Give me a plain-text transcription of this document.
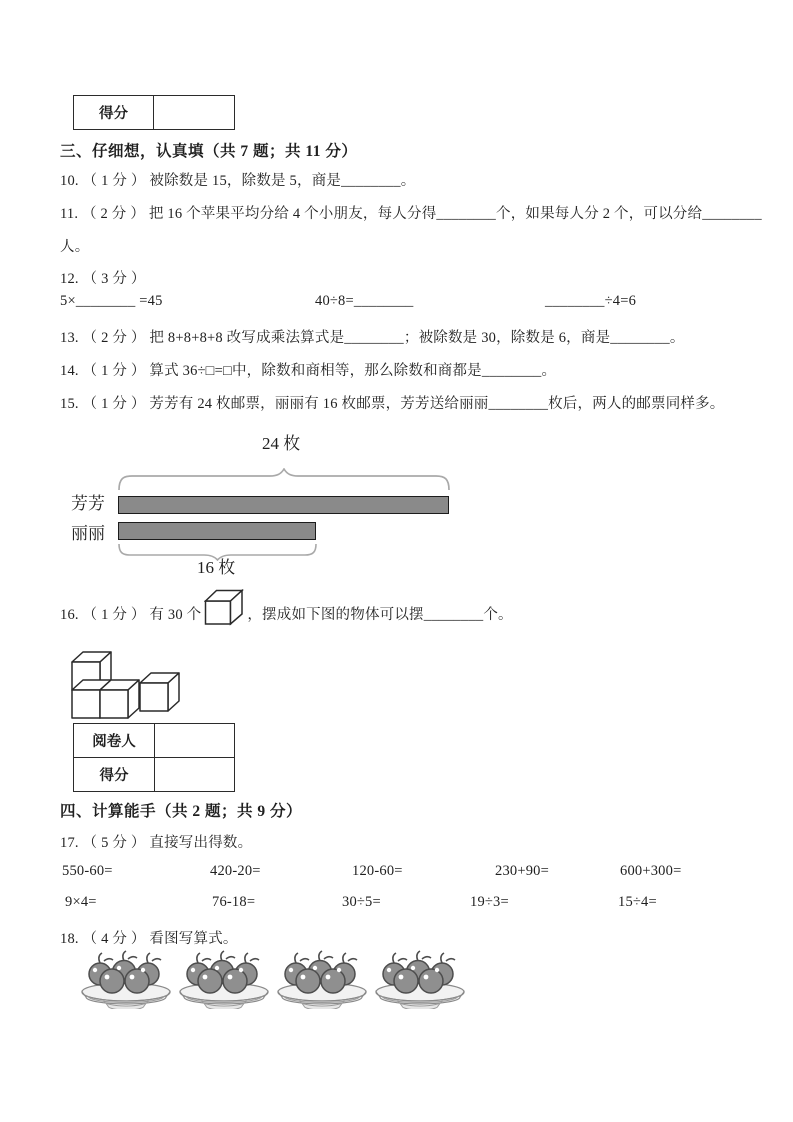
得分
三、仔细想，认真填（共 7 题；共 11 分）
10. （ 1 分 ） 被除数是 15，除数是 5，商是________。
11. （ 2 分 ） 把 16 个苹果平均分给 4 个小朋友，每人分得________个，如果每人分 2 个，可以分给________
人。
12. （ 3 分 ）
5×________ =45	40÷8=________	________÷4=6
13. （ 2 分 ） 把 8+8+8+8 改写成乘法算式是________；被除数是 30，除数是 6，商是________。
14. （ 1 分 ） 算式 36÷□=□中，除数和商相等，那么除数和商都是________。
15. （ 1 分 ） 芳芳有 24 枚邮票，丽丽有 16 枚邮票，芳芳送给丽丽________枚后，两人的邮票同样多。
24 枚
芳芳
丽丽
16 枚
16. （ 1 分 ） 有 30 个	，摆成如下图的物体可以摆________个。
阅卷人
得分
四、计算能手（共 2 题；共 9 分）
17. （ 5 分 ） 直接写出得数。
550-60=	420-20=	120-60=	230+90=	600+300=
9×4=	76-18=	30÷5=	19÷3=	15÷4=
18. （ 4 分 ） 看图写算式。
